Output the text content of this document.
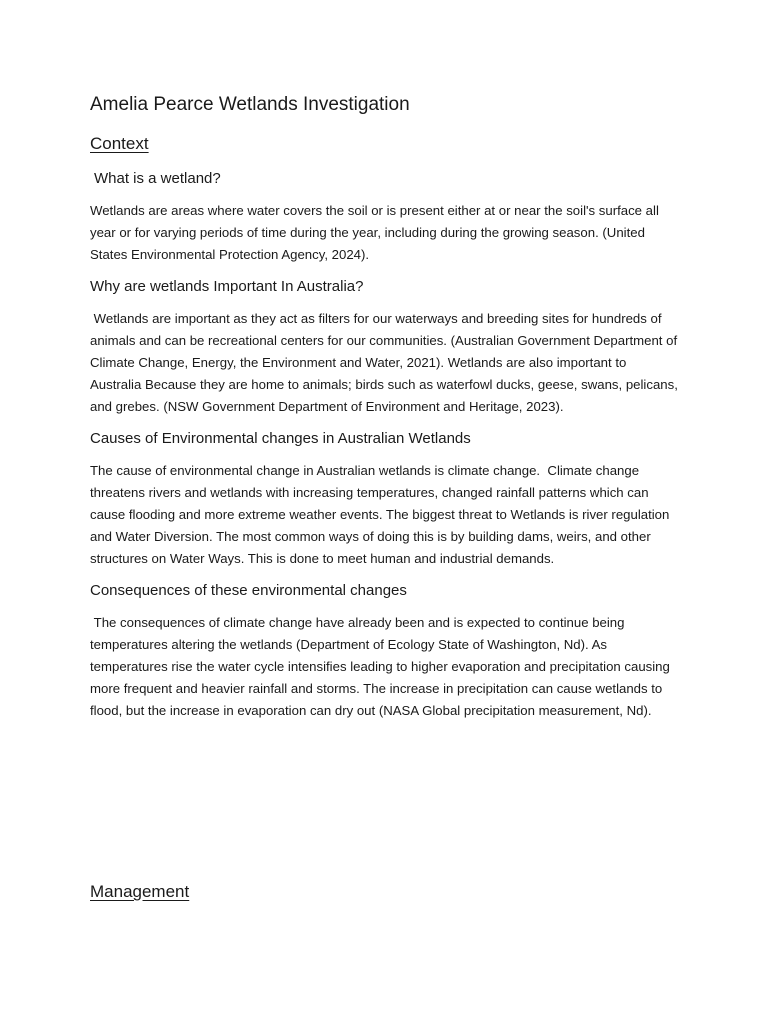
Amelia Pearce Wetlands Investigation
Context
What is a wetland?
Wetlands are areas where water covers the soil or is present either at or near the soil's surface all year or for varying periods of time during the year, including during the growing season. (United States Environmental Protection Agency, 2024).
Why are wetlands Important In Australia?
Wetlands are important as they act as filters for our waterways and breeding sites for hundreds of animals and can be recreational centers for our communities. (Australian Government Department of Climate Change, Energy, the Environment and Water, 2021). Wetlands are also important to Australia Because they are home to animals; birds such as waterfowl ducks, geese, swans, pelicans, and grebes. (NSW Government Department of Environment and Heritage, 2023).
Causes of Environmental changes in Australian Wetlands
The cause of environmental change in Australian wetlands is climate change.  Climate change threatens rivers and wetlands with increasing temperatures, changed rainfall patterns which can cause flooding and more extreme weather events. The biggest threat to Wetlands is river regulation and Water Diversion. The most common ways of doing this is by building dams, weirs, and other structures on Water Ways. This is done to meet human and industrial demands.
Consequences of these environmental changes
The consequences of climate change have already been and is expected to continue being temperatures altering the wetlands (Department of Ecology State of Washington, Nd). As temperatures rise the water cycle intensifies leading to higher evaporation and precipitation causing more frequent and heavier rainfall and storms. The increase in precipitation can cause wetlands to flood, but the increase in evaporation can dry out (NASA Global precipitation measurement, Nd).
Management
